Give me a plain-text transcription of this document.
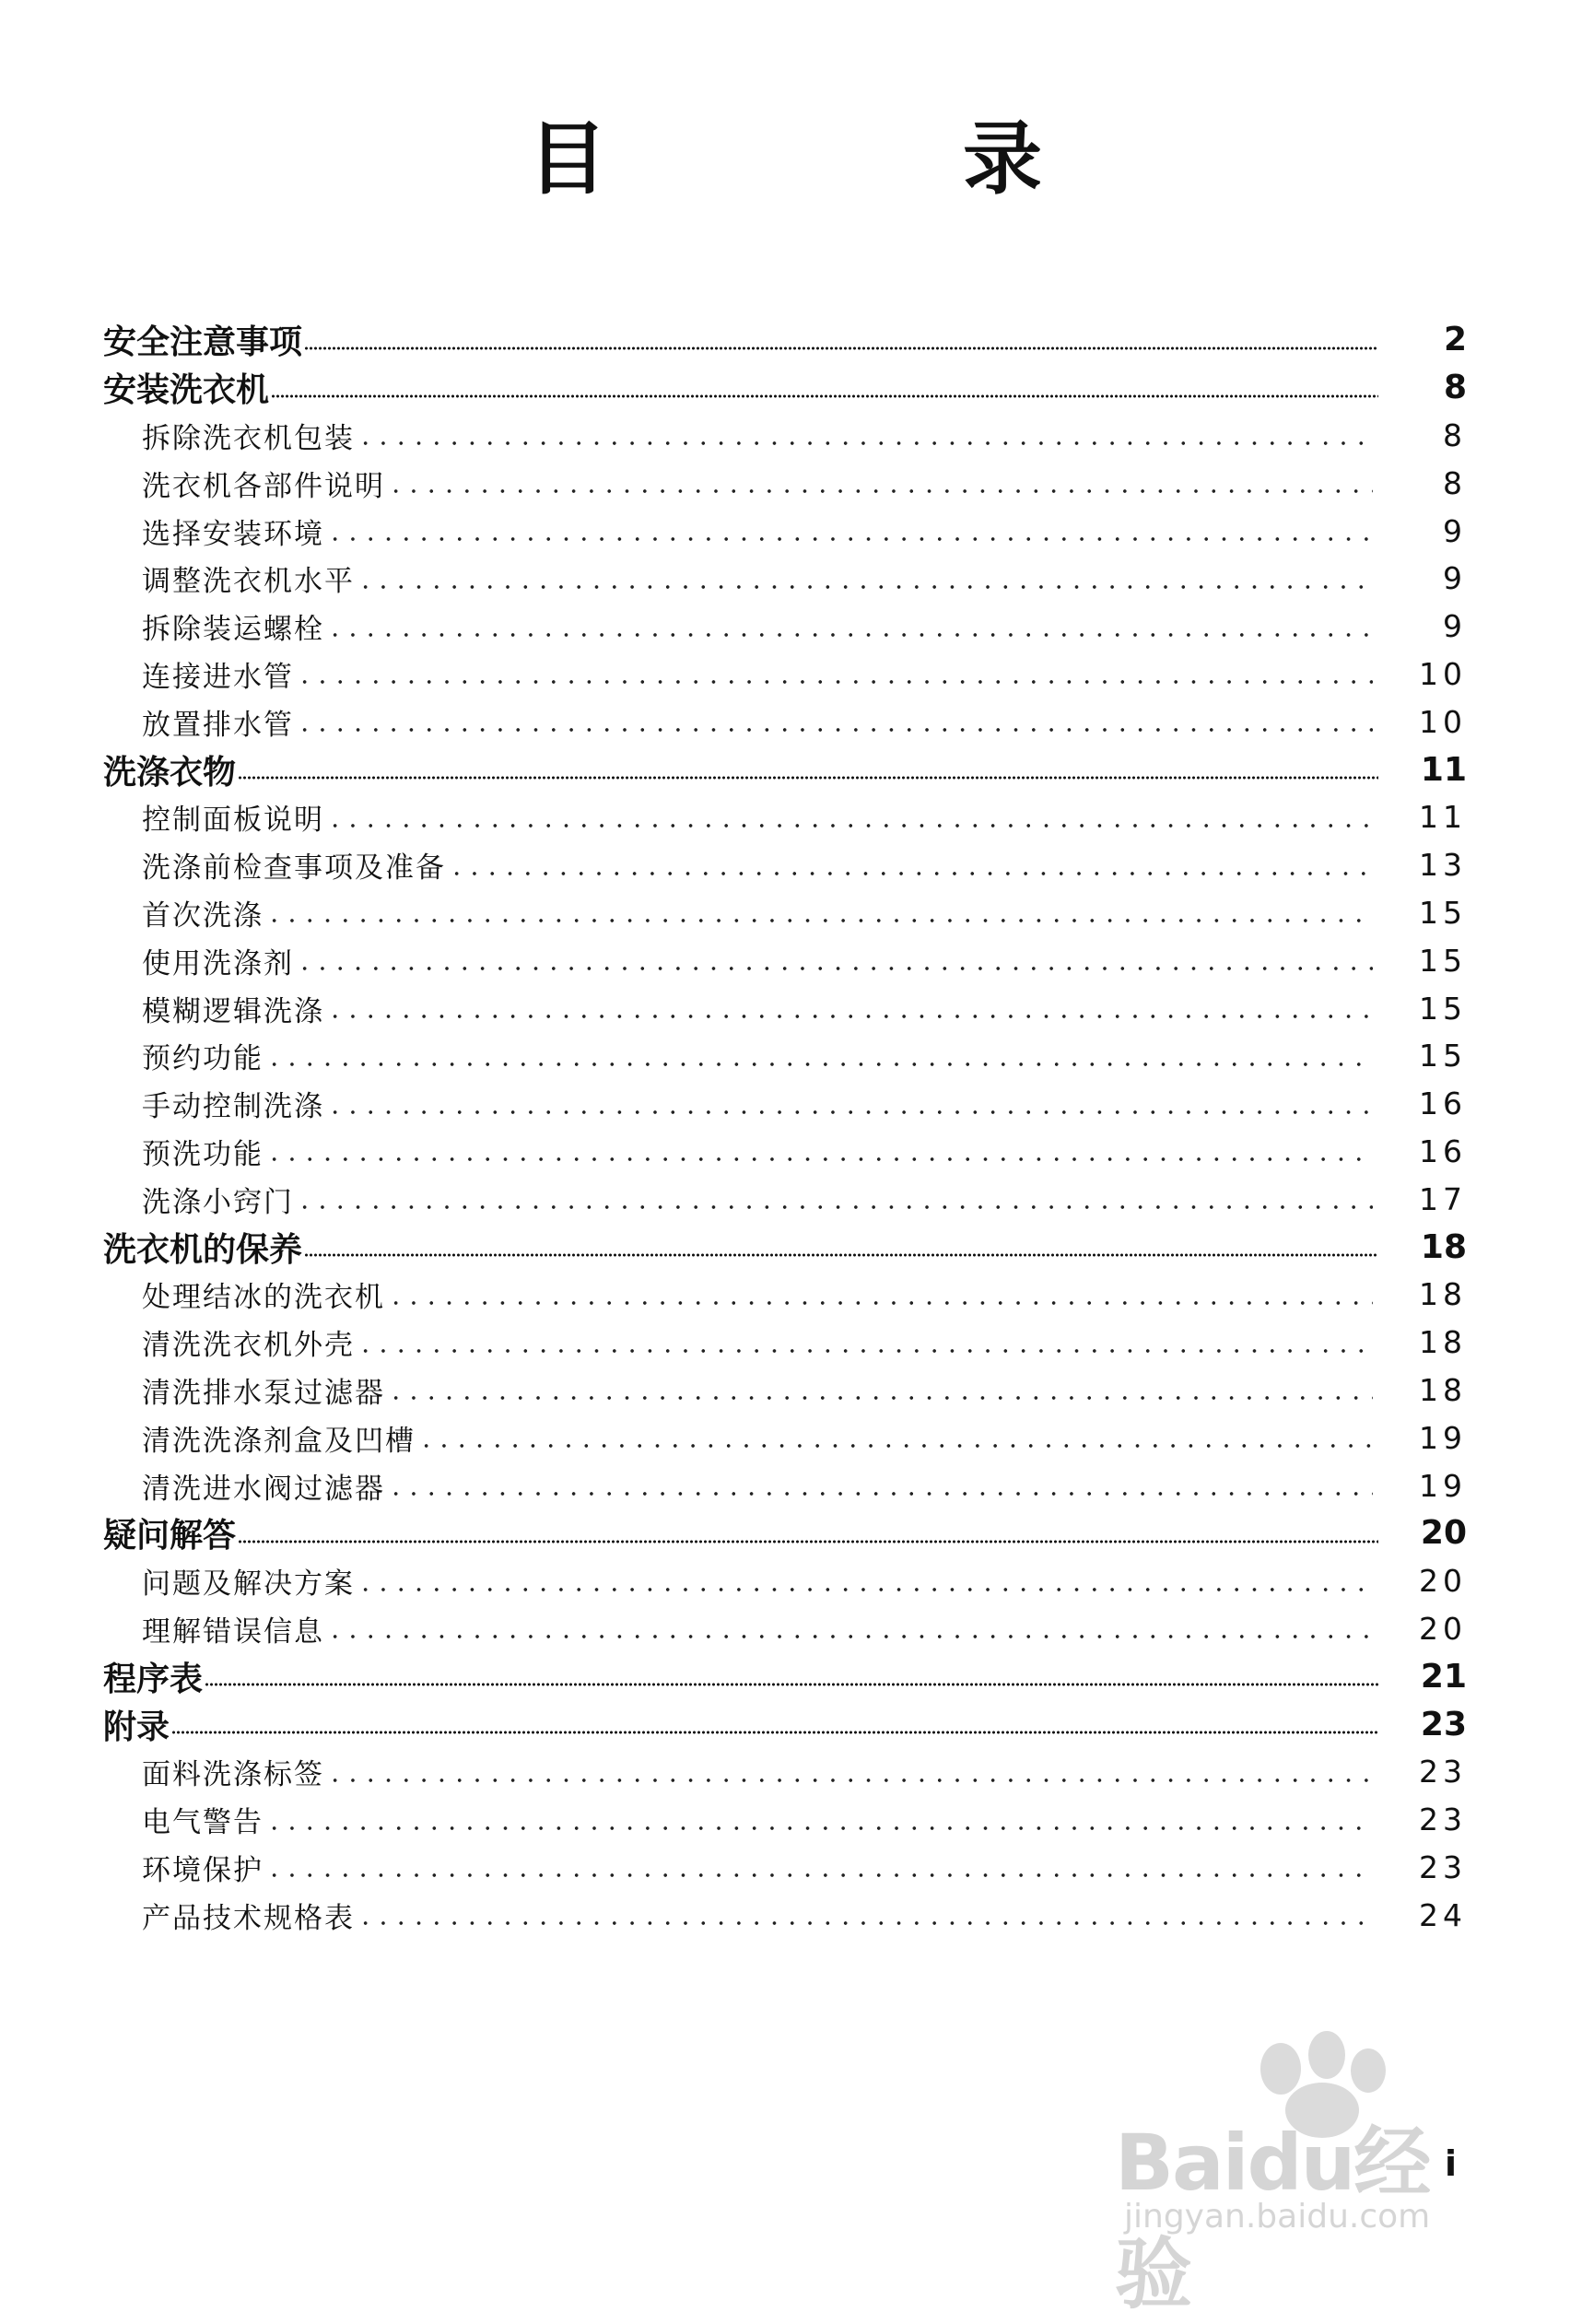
目　录
安全注意事项	2
安装洗衣机	8
拆除洗衣机包装	8
洗衣机各部件说明	8
选择安装环境	9
调整洗衣机水平	9
拆除装运螺栓	9
连接进水管	10
放置排水管	10
洗涤衣物	11
控制面板说明	11
洗涤前检查事项及准备	13
首次洗涤	15
使用洗涤剂	15
模糊逻辑洗涤	15
预约功能	15
手动控制洗涤	16
预洗功能	16
洗涤小窍门	17
洗衣机的保养	18
处理结冰的洗衣机	18
清洗洗衣机外壳	18
清洗排水泵过滤器	18
清洗洗涤剂盒及凹槽	19
清洗进水阀过滤器	19
疑问解答	20
问题及解决方案	20
理解错误信息	20
程序表	21
附录	23
面料洗涤标签	23
电气警告	23
环境保护	23
产品技术规格表	24
Baidu经验
jingyan.baidu.com
i
